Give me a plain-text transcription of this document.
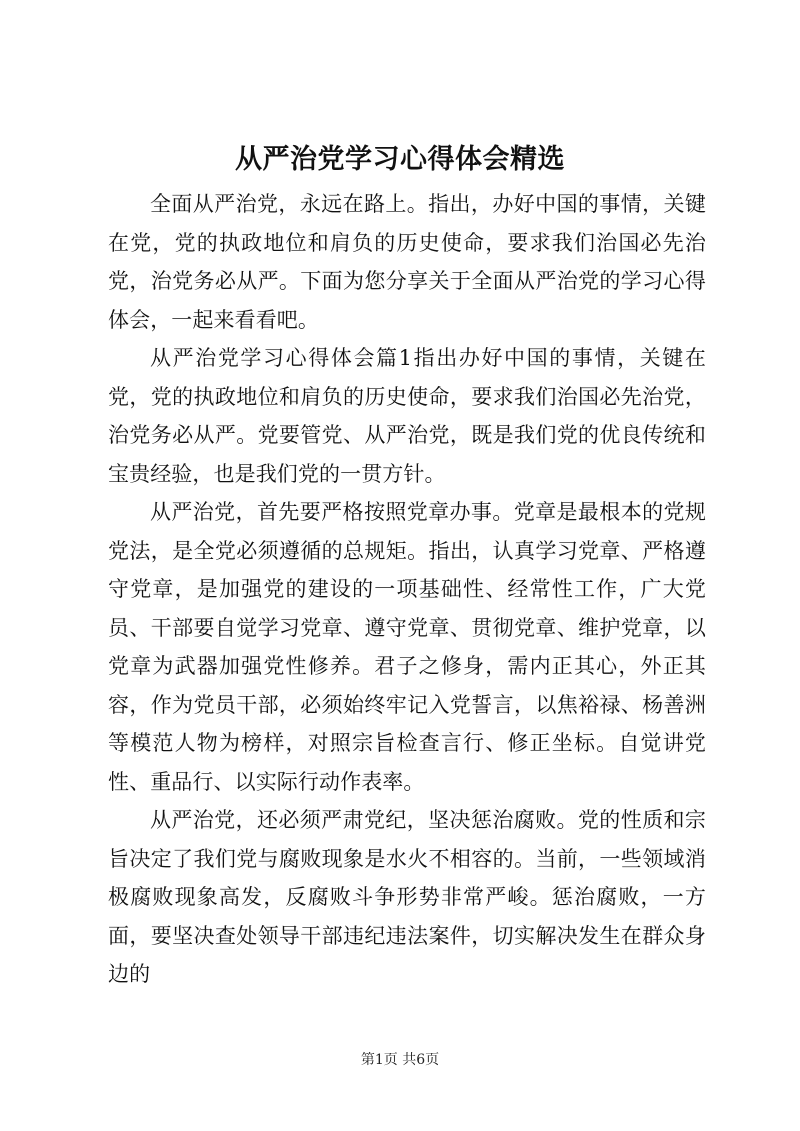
从严治党学习心得体会精选

全面从严治党，永远在路上。指出，办好中国的事情，关键在党，党的执政地位和肩负的历史使命，要求我们治国必先治党，治党务必从严。下面为您分享关于全面从严治党的学习心得体会，一起来看看吧。

从严治党学习心得体会篇1指出办好中国的事情，关键在党，党的执政地位和肩负的历史使命，要求我们治国必先治党，治党务必从严。党要管党、从严治党，既是我们党的优良传统和宝贵经验，也是我们党的一贯方针。

从严治党，首先要严格按照党章办事。党章是最根本的党规党法，是全党必须遵循的总规矩。指出，认真学习党章、严格遵守党章，是加强党的建设的一项基础性、经常性工作，广大党员、干部要自觉学习党章、遵守党章、贯彻党章、维护党章，以党章为武器加强党性修养。君子之修身，需内正其心，外正其容，作为党员干部，必须始终牢记入党誓言，以焦裕禄、杨善洲等模范人物为榜样，对照宗旨检查言行、修正坐标。自觉讲党性、重品行、以实际行动作表率。

从严治党，还必须严肃党纪，坚决惩治腐败。党的性质和宗旨决定了我们党与腐败现象是水火不相容的。当前，一些领域消极腐败现象高发，反腐败斗争形势非常严峻。惩治腐败，一方面，要坚决查处领导干部违纪违法案件，切实解决发生在群众身边的

第1页 共6页
